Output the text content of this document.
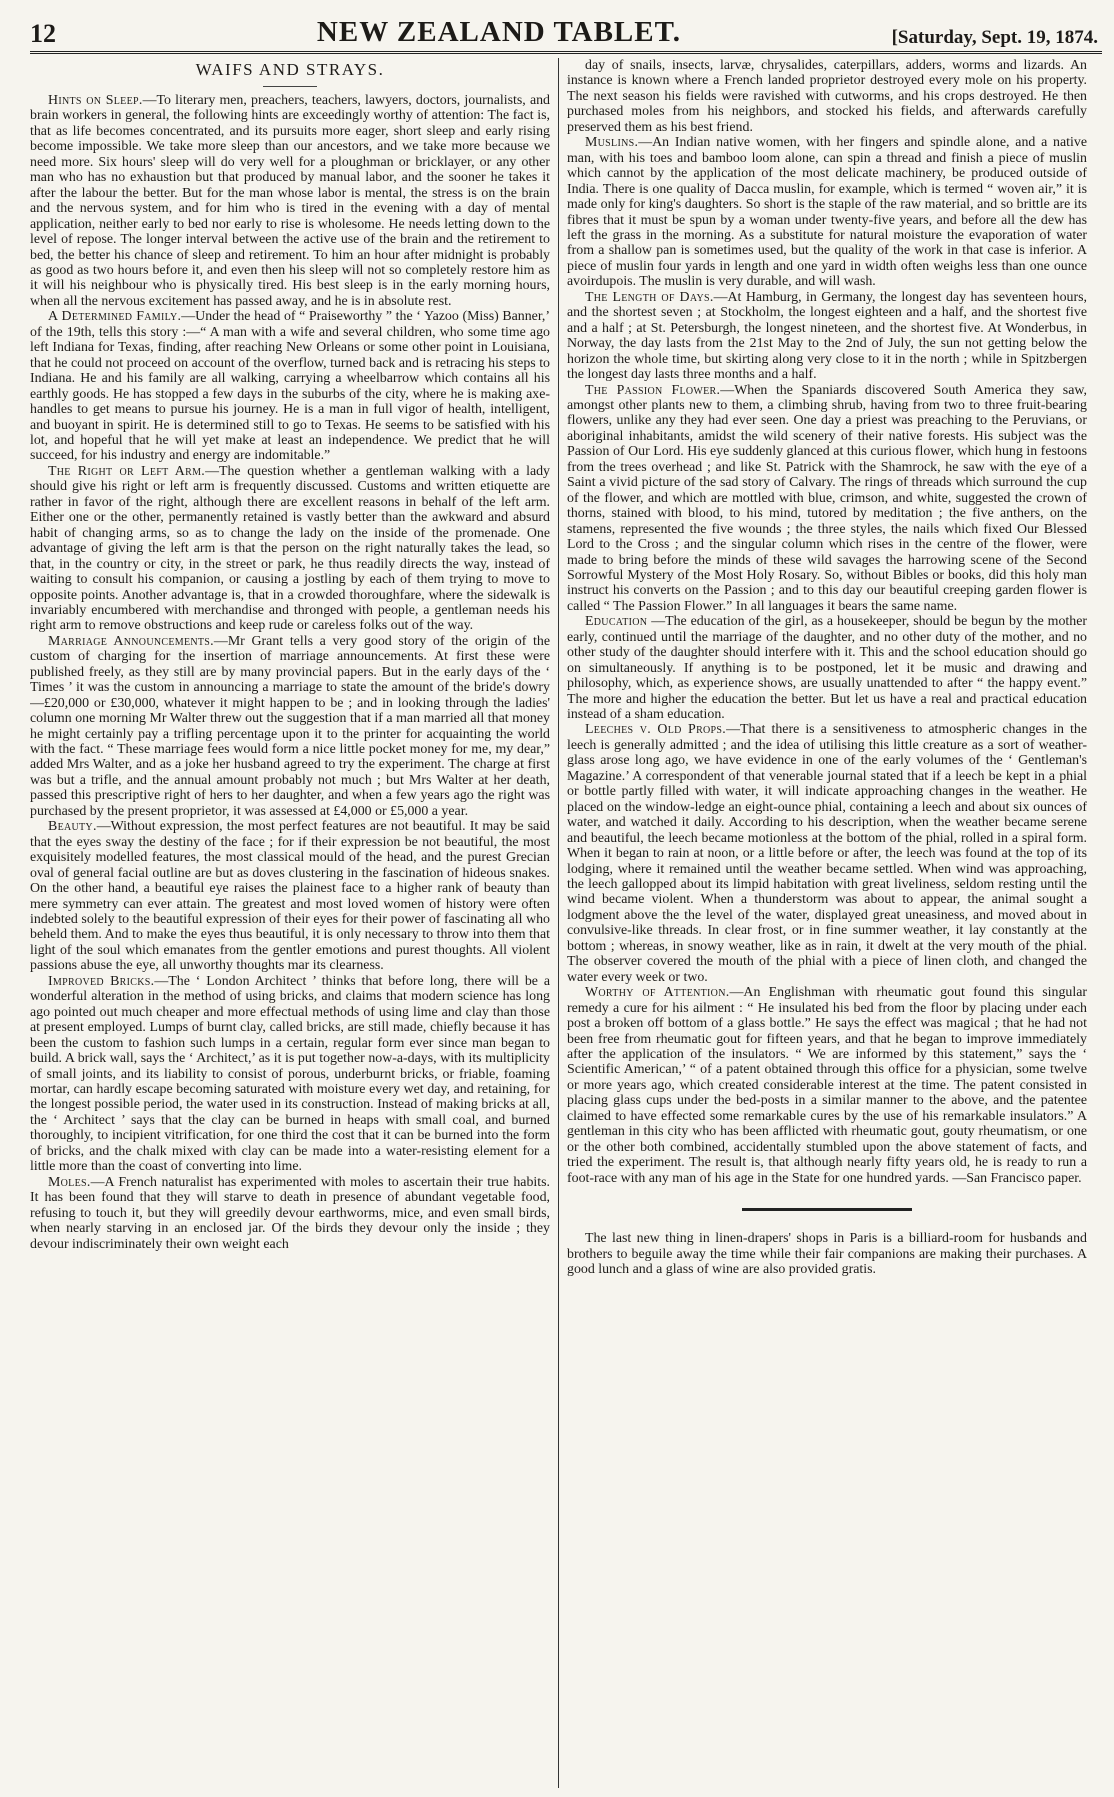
12	NEW ZEALAND TABLET.	[Saturday, Sept. 19, 1874.
WAIFS AND STRAYS.

Hints on Sleep.—To literary men, preachers, teachers, lawyers, doctors, journalists, and brain workers in general, the following hints are exceedingly worthy of attention: The fact is, that as life becomes concentrated, and its pursuits more eager, short sleep and early rising become impossible. We take more sleep than our ancestors, and we take more because we need more. Six hours' sleep will do very well for a ploughman or bricklayer, or any other man who has no exhaustion but that produced by manual labor, and the sooner he takes it after the labour the better. But for the man whose labor is mental, the stress is on the brain and the nervous system, and for him who is tired in the evening with a day of mental application, neither early to bed nor early to rise is wholesome. He needs letting down to the level of repose. The longer interval between the active use of the brain and the retirement to bed, the better his chance of sleep and retirement. To him an hour after midnight is probably as good as two hours before it, and even then his sleep will not so completely restore him as it will his neighbour who is physically tired. His best sleep is in the early morning hours, when all the nervous excitement has passed away, and he is in absolute rest.

A Determined Family.—Under the head of “ Praiseworthy ” the ‘ Yazoo (Miss) Banner,’ of the 19th, tells this story :—“ A man with a wife and several children, who some time ago left Indiana for Texas, finding, after reaching New Orleans or some other point in Louisiana, that he could not proceed on account of the overflow, turned back and is retracing his steps to Indiana. He and his family are all walking, carrying a wheelbarrow which contains all his earthly goods. He has stopped a few days in the suburbs of the city, where he is making axe-handles to get means to pursue his journey. He is a man in full vigor of health, intelligent, and buoyant in spirit. He is determined still to go to Texas. He seems to be satisfied with his lot, and hopeful that he will yet make at least an independence. We predict that he will succeed, for his industry and energy are indomitable.”

The Right or Left Arm.—The question whether a gentleman walking with a lady should give his right or left arm is frequently discussed. Customs and written etiquette are rather in favor of the right, although there are excellent reasons in behalf of the left arm. Either one or the other, permanently retained is vastly better than the awkward and absurd habit of changing arms, so as to change the lady on the inside of the promenade. One advantage of giving the left arm is that the person on the right naturally takes the lead, so that, in the country or city, in the street or park, he thus readily directs the way, instead of waiting to consult his companion, or causing a jostling by each of them trying to move to opposite points. Another advantage is, that in a crowded thoroughfare, where the sidewalk is invariably encumbered with merchandise and thronged with people, a gentleman needs his right arm to remove obstructions and keep rude or careless folks out of the way.

Marriage Announcements.—Mr Grant tells a very good story of the origin of the custom of charging for the insertion of marriage announcements. At first these were published freely, as they still are by many provincial papers. But in the early days of the ‘ Times ’ it was the custom in announcing a marriage to state the amount of the bride's dowry—£20,000 or £30,000, whatever it might happen to be ; and in looking through the ladies' column one morning Mr Walter threw out the suggestion that if a man married all that money he might certainly pay a trifling percentage upon it to the printer for acquainting the world with the fact. “ These marriage fees would form a nice little pocket money for me, my dear,” added Mrs Walter, and as a joke her husband agreed to try the experiment. The charge at first was but a trifle, and the annual amount probably not much ; but Mrs Walter at her death, passed this prescriptive right of hers to her daughter, and when a few years ago the right was purchased by the present proprietor, it was assessed at £4,000 or £5,000 a year.

Beauty.—Without expression, the most perfect features are not beautiful. It may be said that the eyes sway the destiny of the face ; for if their expression be not beautiful, the most exquisitely modelled features, the most classical mould of the head, and the purest Grecian oval of general facial outline are but as doves clustering in the fascination of hideous snakes. On the other hand, a beautiful eye raises the plainest face to a higher rank of beauty than mere symmetry can ever attain. The greatest and most loved women of history were often indebted solely to the beautiful expression of their eyes for their power of fascinating all who beheld them. And to make the eyes thus beautiful, it is only necessary to throw into them that light of the soul which emanates from the gentler emotions and purest thoughts. All violent passions abuse the eye, all unworthy thoughts mar its clearness.

Improved Bricks.—The ‘ London Architect ’ thinks that before long, there will be a wonderful alteration in the method of using bricks, and claims that modern science has long ago pointed out much cheaper and more effectual methods of using lime and clay than those at present employed. Lumps of burnt clay, called bricks, are still made, chiefly because it has been the custom to fashion such lumps in a certain, regular form ever since man began to build. A brick wall, says the ‘ Architect,’ as it is put together now-a-days, with its multiplicity of small joints, and its liability to consist of porous, underburnt bricks, or friable, foaming mortar, can hardly escape becoming saturated with moisture every wet day, and retaining, for the longest possible period, the water used in its construction. Instead of making bricks at all, the ‘ Architect ’ says that the clay can be burned in heaps with small coal, and burned thoroughly, to incipient vitrification, for one third the cost that it can be burned into the form of bricks, and the chalk mixed with clay can be made into a water-resisting element for a little more than the coast of converting into lime.

Moles.—A French naturalist has experimented with moles to ascertain their true habits. It has been found that they will starve to death in presence of abundant vegetable food, refusing to touch it, but they will greedily devour earthworms, mice, and even small birds, when nearly starving in an enclosed jar. Of the birds they devour only the inside ; they devour indiscriminately their own weight each

day of snails, insects, larvæ, chrysalides, caterpillars, adders, worms and lizards. An instance is known where a French landed proprietor destroyed every mole on his property. The next season his fields were ravished with cutworms, and his crops destroyed. He then purchased moles from his neighbors, and stocked his fields, and afterwards carefully preserved them as his best friend.

Muslins.—An Indian native women, with her fingers and spindle alone, and a native man, with his toes and bamboo loom alone, can spin a thread and finish a piece of muslin which cannot by the application of the most delicate machinery, be produced outside of India. There is one quality of Dacca muslin, for example, which is termed “ woven air,” it is made only for king's daughters. So short is the staple of the raw material, and so brittle are its fibres that it must be spun by a woman under twenty-five years, and before all the dew has left the grass in the morning. As a substitute for natural moisture the evaporation of water from a shallow pan is sometimes used, but the quality of the work in that case is inferior. A piece of muslin four yards in length and one yard in width often weighs less than one ounce avoirdupois. The muslin is very durable, and will wash.

The Length of Days.—At Hamburg, in Germany, the longest day has seventeen hours, and the shortest seven ; at Stockholm, the longest eighteen and a half, and the shortest five and a half ; at St. Petersburgh, the longest nineteen, and the shortest five. At Wonderbus, in Norway, the day lasts from the 21st May to the 2nd of July, the sun not getting below the horizon the whole time, but skirting along very close to it in the north ; while in Spitzbergen the longest day lasts three months and a half.

The Passion Flower.—When the Spaniards discovered South America they saw, amongst other plants new to them, a climbing shrub, having from two to three fruit-bearing flowers, unlike any they had ever seen. One day a priest was preaching to the Peruvians, or aboriginal inhabitants, amidst the wild scenery of their native forests. His subject was the Passion of Our Lord. His eye suddenly glanced at this curious flower, which hung in festoons from the trees overhead ; and like St. Patrick with the Shamrock, he saw with the eye of a Saint a vivid picture of the sad story of Calvary. The rings of threads which surround the cup of the flower, and which are mottled with blue, crimson, and white, suggested the crown of thorns, stained with blood, to his mind, tutored by meditation ; the five anthers, on the stamens, represented the five wounds ; the three styles, the nails which fixed Our Blessed Lord to the Cross ; and the singular column which rises in the centre of the flower, were made to bring before the minds of these wild savages the harrowing scene of the Second Sorrowful Mystery of the Most Holy Rosary. So, without Bibles or books, did this holy man instruct his converts on the Passion ; and to this day our beautiful creeping garden flower is called “ The Passion Flower.” In all languages it bears the same name.

Education —The education of the girl, as a housekeeper, should be begun by the mother early, continued until the marriage of the daughter, and no other duty of the mother, and no other study of the daughter should interfere with it. This and the school education should go on simultaneously. If anything is to be postponed, let it be music and drawing and philosophy, which, as experience shows, are usually unattended to after “ the happy event.” The more and higher the education the better. But let us have a real and practical education instead of a sham education.

Leeches v. Old Props.—That there is a sensitiveness to atmospheric changes in the leech is generally admitted ; and the idea of utilising this little creature as a sort of weather-glass arose long ago, we have evidence in one of the early volumes of the ‘ Gentleman's Magazine.’ A correspondent of that venerable journal stated that if a leech be kept in a phial or bottle partly filled with water, it will indicate approaching changes in the weather. He placed on the window-ledge an eight-ounce phial, containing a leech and about six ounces of water, and watched it daily. According to his description, when the weather became serene and beautiful, the leech became motionless at the bottom of the phial, rolled in a spiral form. When it began to rain at noon, or a little before or after, the leech was found at the top of its lodging, where it remained until the weather became settled. When wind was approaching, the leech gallopped about its limpid habitation with great liveliness, seldom resting until the wind became violent. When a thunderstorm was about to appear, the animal sought a lodgment above the the level of the water, displayed great uneasiness, and moved about in convulsive-like threads. In clear frost, or in fine summer weather, it lay constantly at the bottom ; whereas, in snowy weather, like as in rain, it dwelt at the very mouth of the phial. The observer covered the mouth of the phial with a piece of linen cloth, and changed the water every week or two.

Worthy of Attention.—An Englishman with rheumatic gout found this singular remedy a cure for his ailment : “ He insulated his bed from the floor by placing under each post a broken off bottom of a glass bottle.” He says the effect was magical ; that he had not been free from rheumatic gout for fifteen years, and that he began to improve immediately after the application of the insulators. “ We are informed by this statement,” says the ‘ Scientific American,’ “ of a patent obtained through this office for a physician, some twelve or more years ago, which created considerable interest at the time. The patent consisted in placing glass cups under the bed-posts in a similar manner to the above, and the patentee claimed to have effected some remarkable cures by the use of his remarkable insulators.” A gentleman in this city who has been afflicted with rheumatic gout, gouty rheumatism, or one or the other both combined, accidentally stumbled upon the above statement of facts, and tried the experiment. The result is, that although nearly fifty years old, he is ready to run a foot-race with any man of his age in the State for one hundred yards. —San Francisco paper.

The last new thing in linen-drapers' shops in Paris is a billiard-room for husbands and brothers to beguile away the time while their fair companions are making their purchases. A good lunch and a glass of wine are also provided gratis.
